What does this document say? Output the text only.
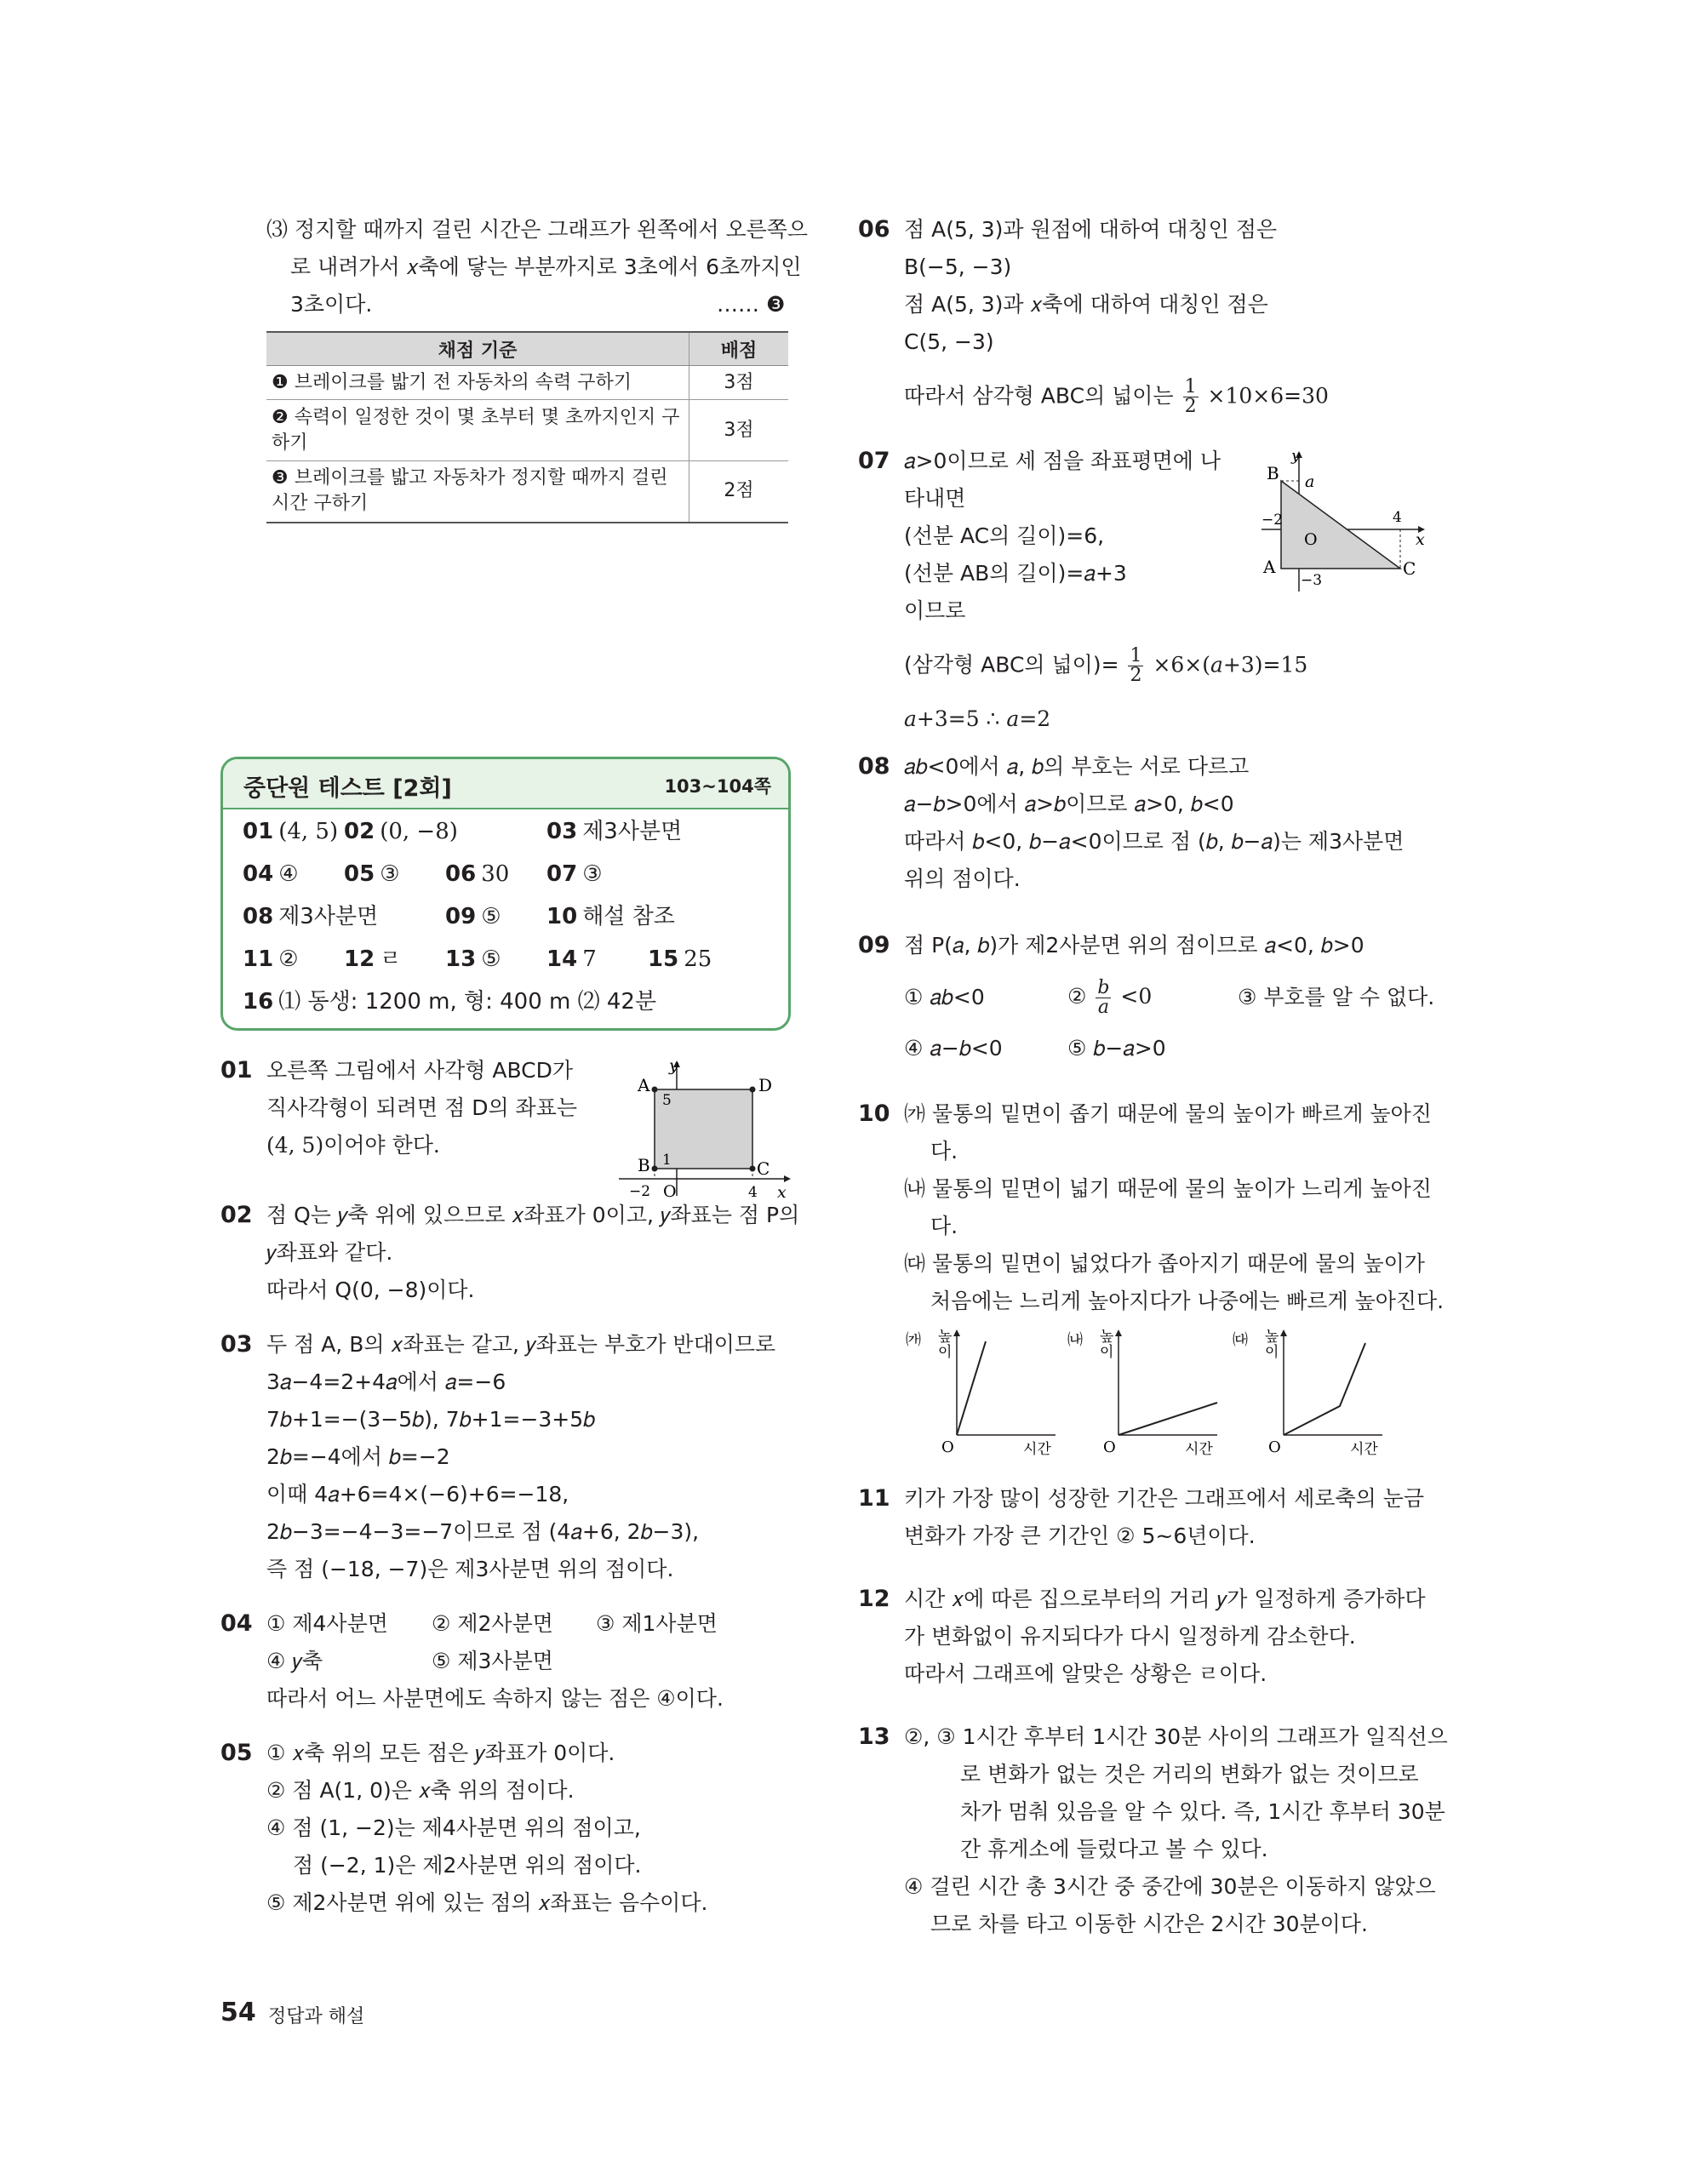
⑶ 정지할 때까지 걸린 시간은 그래프가 왼쪽에서 오른쪽으
로 내려가서 𝑥축에 닿는 부분까지로 3초에서 6초까지인
3초이다.	…… ❸
채점 기준	배점
❶ 브레이크를 밟기 전 자동차의 속력 구하기	3점
❷ 속력이 일정한 것이 몇 초부터 몇 초까지인지 구하기	3점
❸ 브레이크를 밟고 자동차가 정지할 때까지 걸린 시간 구하기	2점
중단원 테스트 [2회]	103~104쪽
01 (4, 5) 02 (0, −8)	03 제3사분면
04 ④ 05 ③ 06 30 07 ③
08 제3사분면	09 ⑤ 10 해설 참조
11 ② 12 ㄹ 13 ⑤ 14 7 15 25
16 ⑴ 동생: 1200 m, 형: 400 m ⑵ 42분
01 오른쪽 그림에서 사각형 ABCD가
직사각형이 되려면 점 D의 좌표는
(4, 5)이어야 한다.
y
A	D
5
1
B	C
−2 O	4 x
02 점 Q는 𝑦축 위에 있으므로 𝑥좌표가 0이고, 𝑦좌표는 점 P의
𝑦좌표와 같다.
따라서 Q(0, −8)이다.
03 두 점 A, B의 𝑥좌표는 같고, 𝑦좌표는 부호가 반대이므로
3𝑎−4=2+4𝑎에서 𝑎=−6
7𝑏+1=−(3−5𝑏), 7𝑏+1=−3+5𝑏
2𝑏=−4에서 𝑏=−2
이때 4𝑎+6=4×(−6)+6=−18,
2𝑏−3=−4−3=−7이므로 점 (4𝑎+6, 2𝑏−3),
즉 점 (−18, −7)은 제3사분면 위의 점이다.
04 ① 제4사분면 ② 제2사분면 ③ 제1사분면
④ 𝑦축	⑤ 제3사분면
따라서 어느 사분면에도 속하지 않는 점은 ④이다.
05 ① 𝑥축 위의 모든 점은 𝑦좌표가 0이다.
② 점 A(1, 0)은 𝑥축 위의 점이다.
④ 점 (1, −2)는 제4사분면 위의 점이고,
점 (−2, 1)은 제2사분면 위의 점이다.
⑤ 제2사분면 위에 있는 점의 𝑥좌표는 음수이다.
06 점 A(5, 3)과 원점에 대하여 대칭인 점은
B(−5, −3)
점 A(5, 3)과 𝑥축에 대하여 대칭인 점은
C(5, −3)
따라서 삼각형 ABC의 넓이는 $\frac{1}{2} \times 10\times 6=30$
07 𝑎>0이므로 세 점을 좌표평면에 나
타내면
(선분 AC의 길이)=6,
(선분 AB의 길이)=𝑎+3
이므로
(삼각형 ABC의 넓이)= $\frac{1}{2}$ ×6×(𝑎+3)=15
𝑎+3=5 ∴ 𝑎=2
y
B a
4
−2
O	x
A	C
−3
08 𝑎𝑏<0에서 𝑎, 𝑏의 부호는 서로 다르고
𝑎−𝑏>0에서 𝑎>𝑏이므로 𝑎>0, 𝑏<0
따라서 𝑏<0, 𝑏−𝑎<0이므로 점 (𝑏, 𝑏−𝑎)는 제3사분면
위의 점이다.
09 점 P(𝑎, 𝑏)가 제2사분면 위의 점이므로 𝑎<0, 𝑏>0
① 𝑎𝑏<0	② $\frac{\text{𝑏}}{\text{𝑎}} <0$	③ 부호를 알 수 없다.
④ 𝑎−𝑏<0	⑤ 𝑏−𝑎>0
10 ㈎ 물통의 밑면이 좁기 때문에 물의 높이가 빠르게 높아진
다.
㈏ 물통의 밑면이 넓기 때문에 물의 높이가 느리게 높아진
다.
㈐ 물통의 밑면이 넓었다가 좁아지기 때문에 물의 높이가
처음에는 느리게 높아지다가 나중에는 빠르게 높아진다.
㈎ 높
이
O	시간
㈏ 높
이
O	시간
㈐ 높
이
O	시간
11 키가 가장 많이 성장한 기간은 그래프에서 세로축의 눈금
변화가 가장 큰 기간인 ② 5~6년이다.
12 시간 𝑥에 따른 집으로부터의 거리 𝑦가 일정하게 증가하다
가 변화없이 유지되다가 다시 일정하게 감소한다.
따라서 그래프에 알맞은 상황은 ㄹ이다.
13 ②, ③ 1시간 후부터 1시간 30분 사이의 그래프가 일직선으
로 변화가 없는 것은 거리의 변화가 없는 것이므로
차가 멈춰 있음을 알 수 있다. 즉, 1시간 후부터 30분
간 휴게소에 들렀다고 볼 수 있다.
④ 걸린 시간 총 3시간 중 중간에 30분은 이동하지 않았으
므로 차를 타고 이동한 시간은 2시간 30분이다.
54 정답과 해설
